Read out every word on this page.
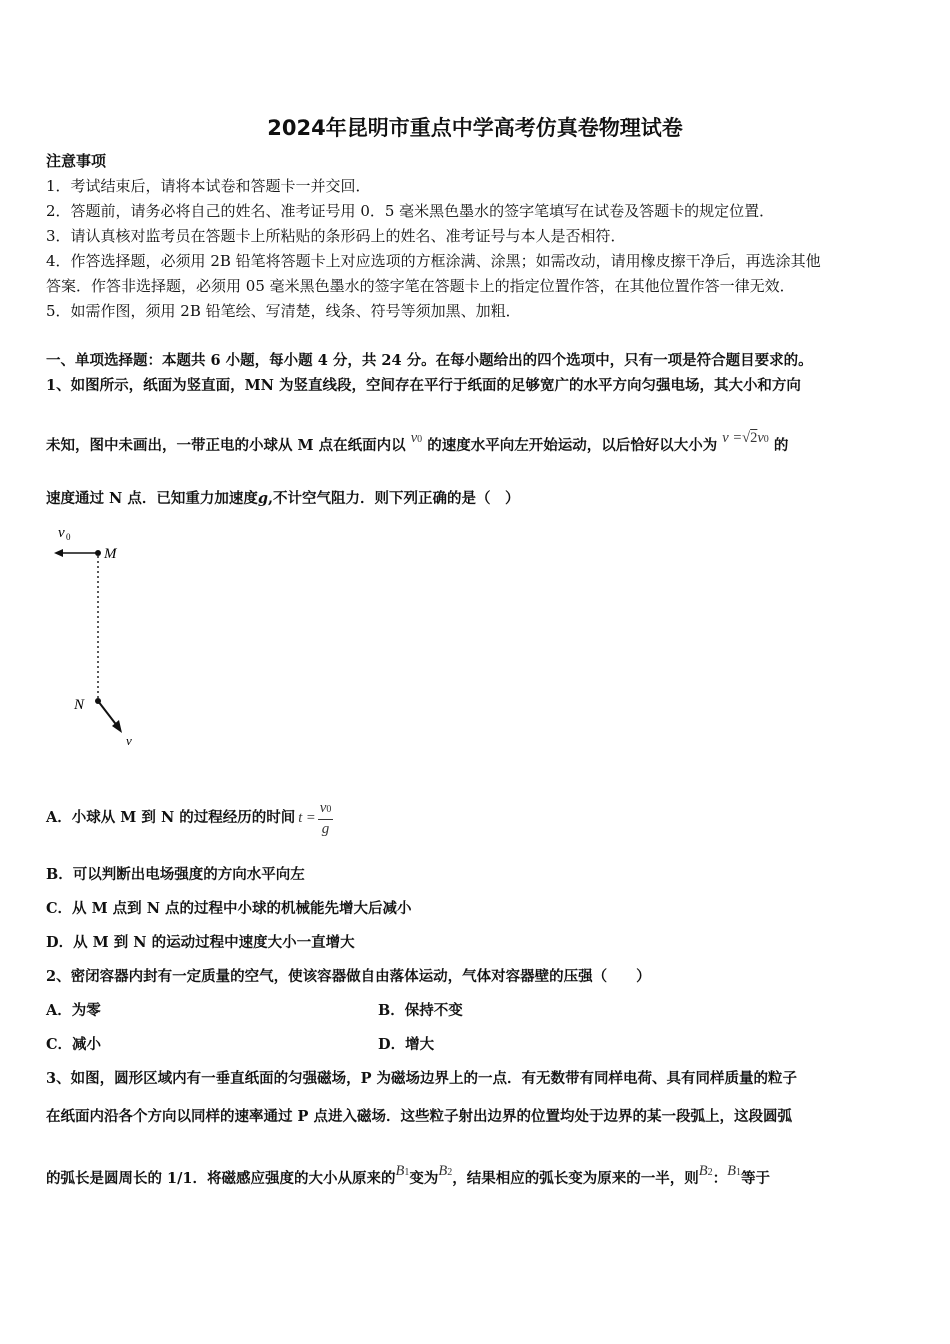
2024年昆明市重点中学高考仿真卷物理试卷
注意事项
1．考试结束后，请将本试卷和答题卡一并交回．
2．答题前，请务必将自己的姓名、准考证号用 0．5 毫米黑色墨水的签字笔填写在试卷及答题卡的规定位置．
3．请认真核对监考员在答题卡上所粘贴的条形码上的姓名、准考证号与本人是否相符．
4．作答选择题，必须用 2B 铅笔将答题卡上对应选项的方框涂满、涂黑；如需改动，请用橡皮擦干净后，再选涂其他
答案．作答非选择题，必须用 05 毫米黑色墨水的签字笔在答题卡上的指定位置作答，在其他位置作答一律无效．
5．如需作图，须用 2B 铅笔绘、写清楚，线条、符号等须加黑、加粗．
一、单项选择题：本题共 6 小题，每小题 4 分，共 24 分。在每小题给出的四个选项中，只有一项是符合题目要求的。
1、如图所示，纸面为竖直面，MN 为竖直线段，空间存在平行于纸面的足够宽广的水平方向匀强电场，其大小和方向
未知，图中未画出，一带正电的小球从 M 点在纸面内以 v0 的速度水平向左开始运动，以后恰好以大小为 v =√2v0 的
速度通过 N 点．已知重力加速度g,不计空气阻力．则下列正确的是（　）
v 0
M
N
v
A．小球从 M 到 N 的过程经历的时间 $t = \frac{v0}{g}$
B．可以判断出电场强度的方向水平向左
C．从 M 点到 N 点的过程中小球的机械能先增大后减小
D．从 M 到 N 的运动过程中速度大小一直增大
2、密闭容器内封有一定质量的空气，使该容器做自由落体运动，气体对容器壁的压强（　　）
A．为零	B．保持不变
C．减小	D．增大
3、如图，圆形区域内有一垂直纸面的匀强磁场，P 为磁场边界上的一点．有无数带有同样电荷、具有同样质量的粒子
在纸面内沿各个方向以同样的速率通过 P 点进入磁场．这些粒子射出边界的位置均处于边界的某一段弧上，这段圆弧
的弧长是圆周长的 1/1．将磁感应强度的大小从原来的B1变为B2，结果相应的弧长变为原来的一半，则B2：B1等于
